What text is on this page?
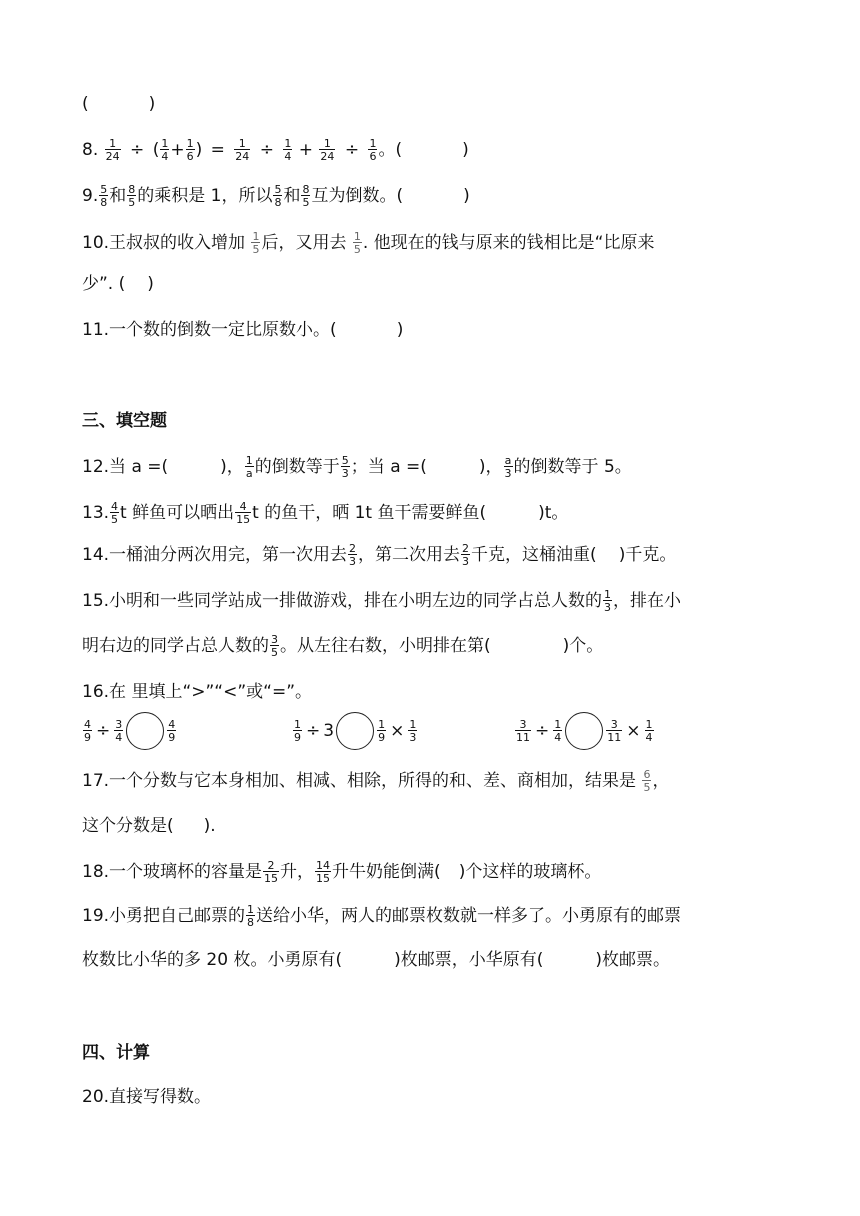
(	)
8. $\frac{1}{24}$ ÷ ( $\frac{1}{4} + \frac{1}{6}$ ) = $\frac{1}{24} \div \frac{1}{4} + \frac{1}{24} \div \frac{1}{6}$ 。(	)
9. $\frac{5}{8}$ 和 $\frac{8}{5}$ 的乘积是 1，所以 $\frac{5}{8}$ 和 $\frac{8}{5}$ 互为倒数。(	)
10.王叔叔的收入增加 $\frac{1}{5}$ 后，又用去 $\frac{1}{5}$ . 他现在的钱与原来的钱相比是“比原来
少”. ( )
11.一个数的倒数一定比原数小。(	)
三、填空题
12.当 a =(	)， $\frac{1}{a}$ 的倒数等于 $\frac{5}{3}$ ；当 a =(	)， $\frac{a}{3}$ 的倒数等于 5。
13. $\frac{4}{5}$ t 鲜鱼可以晒出 $\frac{4}{15}$ t 的鱼干，晒 1t 鱼干需要鲜鱼(	)t。
14.一桶油分两次用完，第一次用去 $\frac{2}{3}$ ，第二次用去 $\frac{2}{3}$ 千克，这桶油重( )千克。
15.小明和一些同学站成一排做游戏，排在小明左边的同学占总人数的 $\frac{1}{3}$ ，排在小
明右边的同学占总人数的 $\frac{3}{5}$ 。从左往右数，小明排在第(	)个。
16.在 里填上“>”“<”或“=”。
$\frac{4}{9} \div \frac{3}{4}$	$\frac{4}{9}$	$\frac{1}{9} \div 3$	$\frac{1}{9} \times \frac{1}{3}$	$\frac{3}{11} \div \frac{1}{4}$	$\frac{3}{11} \times \frac{1}{4}$
17.一个分数与它本身相加、相减、相除，所得的和、差、商相加，结果是 $\frac{6}{5}$ ，
这个分数是( ).
18.一个玻璃杯的容量是 $\frac{2}{15}$ 升， $\frac{14}{15}$ 升牛奶能倒满( )个这样的玻璃杯。
19.小勇把自己邮票的 $\frac{1}{8}$ 送给小华，两人的邮票枚数就一样多了。小勇原有的邮票
枚数比小华的多 20 枚。小勇原有(	)枚邮票，小华原有(	)枚邮票。
四、计算
20.直接写得数。
